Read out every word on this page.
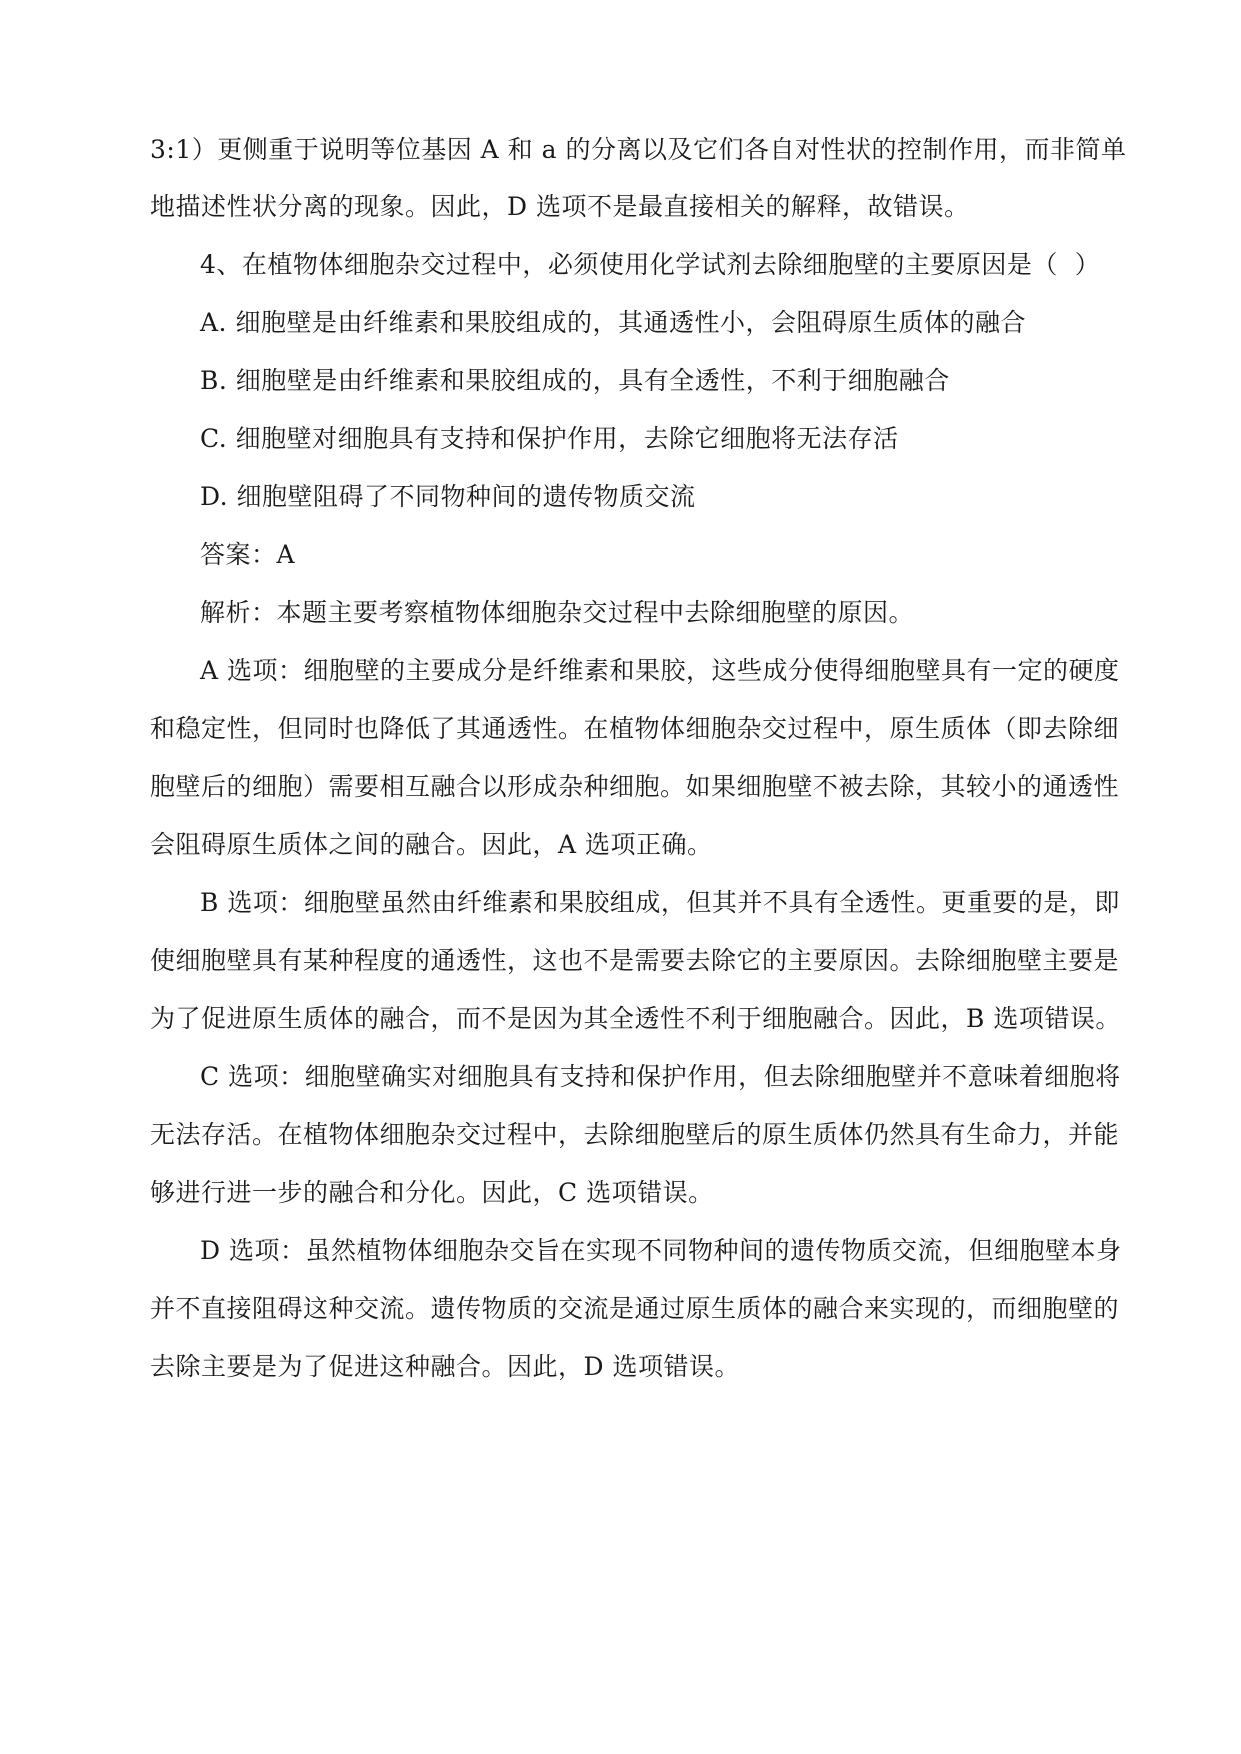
3:1）更侧重于说明等位基因 A 和 a 的分离以及它们各自对性状的控制作用，而非简单
地描述性状分离的现象。因此，D 选项不是最直接相关的解释，故错误。
4、在植物体细胞杂交过程中，必须使用化学试剂去除细胞壁的主要原因是（  ）
A. 细胞壁是由纤维素和果胶组成的，其通透性小，会阻碍原生质体的融合
B. 细胞壁是由纤维素和果胶组成的，具有全透性，不利于细胞融合
C. 细胞壁对细胞具有支持和保护作用，去除它细胞将无法存活
D. 细胞壁阻碍了不同物种间的遗传物质交流
答案：A
解析：本题主要考察植物体细胞杂交过程中去除细胞壁的原因。
A 选项：细胞壁的主要成分是纤维素和果胶，这些成分使得细胞壁具有一定的硬度
和稳定性，但同时也降低了其通透性。在植物体细胞杂交过程中，原生质体（即去除细
胞壁后的细胞）需要相互融合以形成杂种细胞。如果细胞壁不被去除，其较小的通透性
会阻碍原生质体之间的融合。因此，A 选项正确。
B 选项：细胞壁虽然由纤维素和果胶组成，但其并不具有全透性。更重要的是，即
使细胞壁具有某种程度的通透性，这也不是需要去除它的主要原因。去除细胞壁主要是
为了促进原生质体的融合，而不是因为其全透性不利于细胞融合。因此，B 选项错误。
C 选项：细胞壁确实对细胞具有支持和保护作用，但去除细胞壁并不意味着细胞将
无法存活。在植物体细胞杂交过程中，去除细胞壁后的原生质体仍然具有生命力，并能
够进行进一步的融合和分化。因此，C 选项错误。
D 选项：虽然植物体细胞杂交旨在实现不同物种间的遗传物质交流，但细胞壁本身
并不直接阻碍这种交流。遗传物质的交流是通过原生质体的融合来实现的，而细胞壁的
去除主要是为了促进这种融合。因此，D 选项错误。
